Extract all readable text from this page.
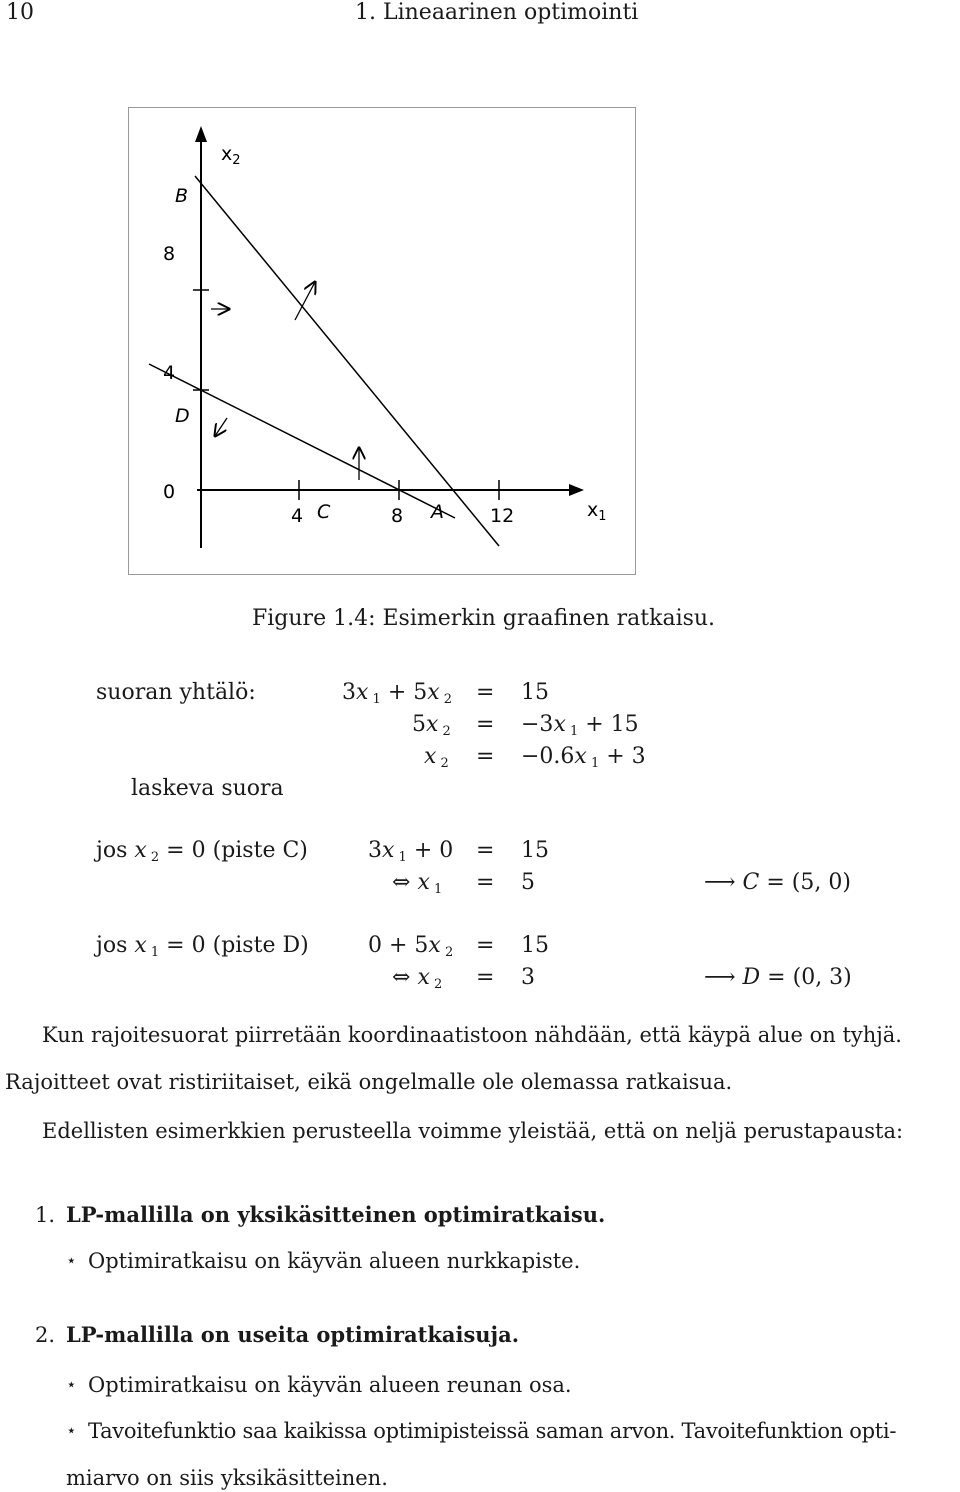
10	1. Lineaarinen optimointi
$x_2$
$x_1$
B
D
C	A
8
4
0
4	8	12
Figure 1.4: Esimerkin graafinen ratkaisu.
suoran yhtälö:	3x $_1$ + 5x $_2$ = 15
5x $_2$ = −3x $_1$ + 15
x $_2$ = −0.6x $_1$ + 3
laskeva suora
jos x $_2$ = 0 (piste C)	3x $_1$ + 0 = 15
⇔ x $_1$ = 5	⟶ C = (5, 0)
jos x $_1$ = 0 (piste D)	0 + 5x $_2$ = 15
⇔ x $_2$ = 3	⟶ D = (0, 3)
Kun rajoitesuorat piirretään koordinaatistoon nähdään, että käypä alue on tyhjä.
Rajoitteet ovat ristiriitaiset, eikä ongelmalle ole olemassa ratkaisua.
Edellisten esimerkkien perusteella voimme yleistää, että on neljä perustapausta:
1. LP-mallilla on yksikäsitteinen optimiratkaisu.
⋆ Optimiratkaisu on käyvän alueen nurkkapiste.
2. LP-mallilla on useita optimiratkaisuja.
⋆ Optimiratkaisu on käyvän alueen reunan osa.
⋆ Tavoitefunktio saa kaikissa optimipisteissä saman arvon. Tavoitefunktion opti-
miarvo on siis yksikäsitteinen.
